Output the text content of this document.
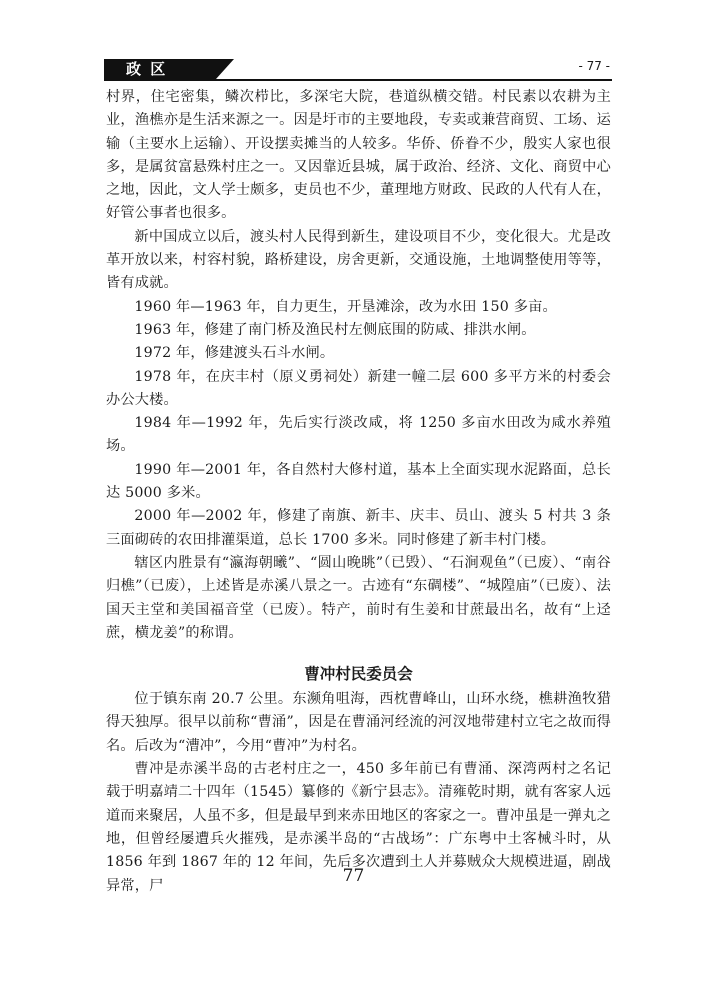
政 区	- 77 -

村界，住宅密集，鳞次栉比，多深宅大院，巷道纵横交错。村民素以农耕为主业，渔樵亦是生活来源之一。因是圩市的主要地段，专卖或兼营商贸、工场、运输（主要水上运输）、开设摆卖摊当的人较多。华侨、侨眷不少，殷实人家也很多，是属贫富悬殊村庄之一。又因靠近县城，属于政治、经济、文化、商贸中心之地，因此，文人学士颇多，吏员也不少，董理地方财政、民政的人代有人在，好管公事者也很多。

新中国成立以后，渡头村人民得到新生，建设项目不少，变化很大。尤是改革开放以来，村容村貌，路桥建设，房舍更新，交通设施，土地调整使用等等，皆有成就。

1960 年—1963 年，自力更生，开垦滩涂，改为水田 150 多亩。

1963 年，修建了南门桥及渔民村左侧底围的防咸、排洪水闸。

1972 年，修建渡头石斗水闸。

1978 年，在庆丰村（原义勇祠处）新建一幢二层 600 多平方米的村委会办公大楼。

1984 年—1992 年，先后实行淡改咸，将 1250 多亩水田改为咸水养殖场。

1990 年—2001 年，各自然村大修村道，基本上全面实现水泥路面，总长达 5000 多米。

2000 年—2002 年，修建了南旗、新丰、庆丰、员山、渡头 5 村共 3 条三面砌砖的农田排灌渠道，总长 1700 多米。同时修建了新丰村门楼。

辖区内胜景有“瀛海朝曦”、“圆山晚眺”（已毁）、“石涧观鱼”（已废）、“南谷归樵”（已废），上述皆是赤溪八景之一。古迹有“东碉楼”、“城隍庙”（已废）、法国天主堂和美国福音堂（已废）。特产，前时有生姜和甘蔗最出名，故有“上迳蔗，横龙姜”的称谓。

曹冲村民委员会

位于镇东南 20.7 公里。东濒角咀海，西枕曹峰山，山环水绕，樵耕渔牧猎得天独厚。很早以前称“曹涌”，因是在曹涌河经流的河汊地带建村立宅之故而得名。后改为“漕冲”，今用“曹冲”为村名。

曹冲是赤溪半岛的古老村庄之一，450 多年前已有曹涌、深湾两村之名记载于明嘉靖二十四年（1545）纂修的《新宁县志》。清雍乾时期，就有客家人远道而来聚居，人虽不多，但是最早到来赤田地区的客家之一。曹冲虽是一弹丸之地，但曾经屡遭兵火摧残，是赤溪半岛的“古战场”：广东粤中土客械斗时，从 1856 年到 1867 年的 12 年间，先后多次遭到土人并募贼众大规模进逼，剧战异常，尸	77
